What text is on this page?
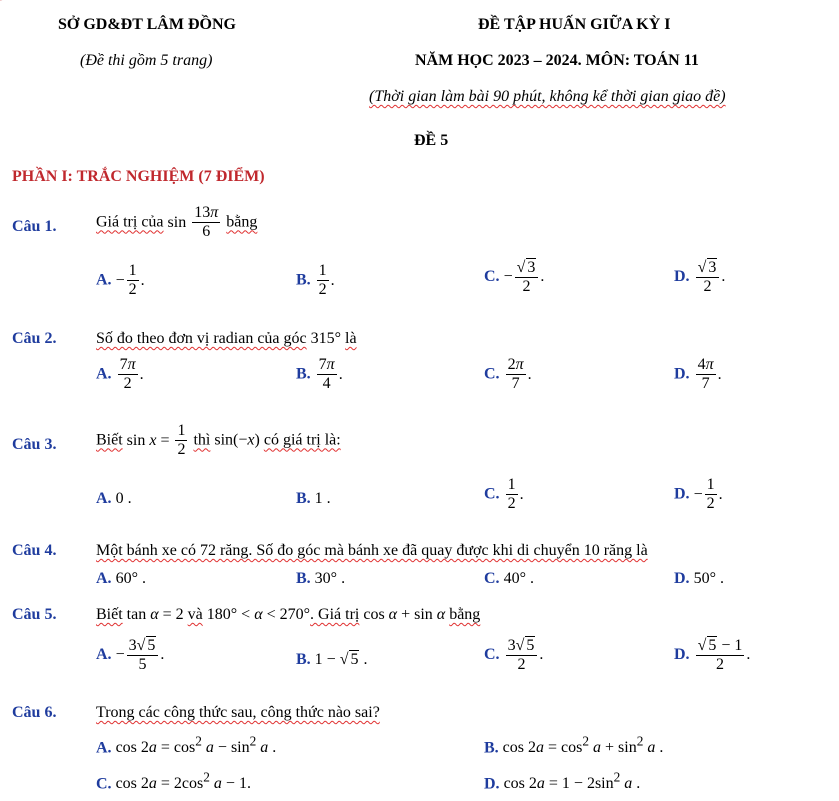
SỞ GD&ĐT LÂM ĐỒNG
(Đề thi gồm 5 trang)
ĐỀ TẬP HUẤN GIỮA KỲ I
NĂM HỌC 2023 – 2024. MÔN: TOÁN 11
(Thời gian làm bài 90 phút, không kể thời gian giao đề)
ĐỀ 5
PHẦN I: TRẮC NGHIỆM (7 ĐIỂM)
Câu 1. Giá trị của $\sin \frac{13\pi}{6}$ bằng
A. − $\frac{1}{2}$ .	B. $\frac{1}{2}$ .	C. − $\frac{√ 3}{2}$ .	D. $\frac{√ 3}{2}$ .
Câu 2. Số đo theo đơn vị radian của góc 315° là
A. $\frac{7\pi}{2}$ .	B. $\frac{7\pi}{4}$ .	C. $\frac{2\pi}{7}$ .	D. $\frac{4\pi}{7}$ .
Câu 3. Biết $\sin x = \frac{1}{2}$ thì sin(−x) có giá trị là:
A. 0 .	B. 1 .	C. $\frac{1}{2}$ .	D. − $\frac{1}{2}$ .
Câu 4. Một bánh xe có 72 răng. Số đo góc mà bánh xe đã quay được khi di chuyển 10 răng là
A. 60° .	B. 30° .	C. 40° .	D. 50° .
Câu 5. Biết tan α = 2 và 180° < α < 270°. Giá trị cos α + sin α bằng
A. − $\frac{3√ 5}{5}$ .	B. 1 − √ 5 .	C. $\frac{3√ 5}{2}$ .	D. $\frac{√ 5 - 1}{2}$ .
Câu 6. Trong các công thức sau, công thức nào sai?
A. $\cos 2a = \cos^2 a - \sin^2 a$ .	B. $\cos 2a = \cos^2 a + \sin^2 a$ .
C. $\cos 2a = 2\cos^2$ a − 1.	D. $\cos 2a = 1 - 2\sin^2$ a .
